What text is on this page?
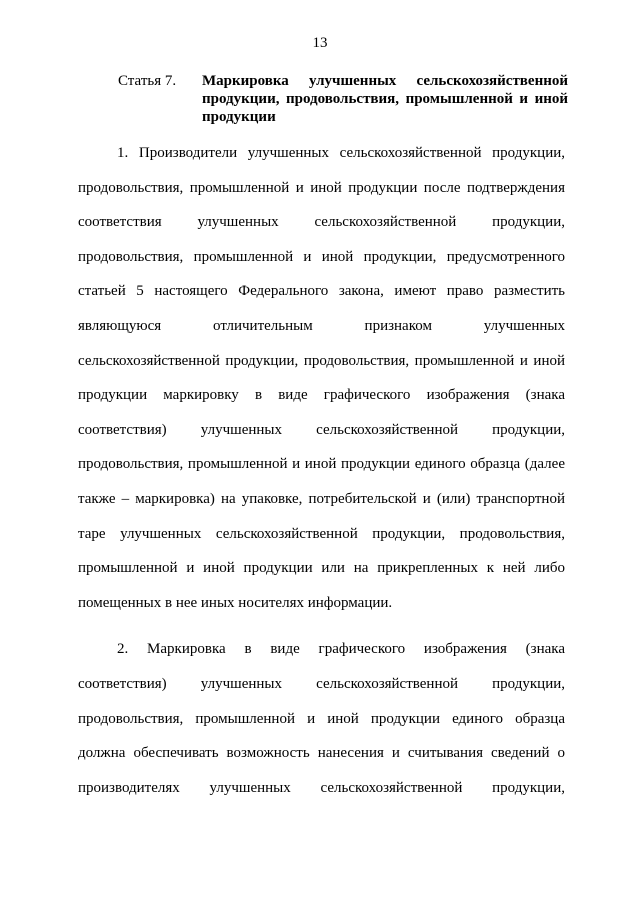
13
Статья 7.	Маркировка улучшенных сельскохозяйственной продукции, продовольствия, промышленной и иной продукции

1. Производители улучшенных сельскохозяйственной продукции,
продовольствия, промышленной и иной продукции после подтверждения
соответствия улучшенных сельскохозяйственной продукции,
продовольствия, промышленной и иной продукции, предусмотренного
статьей 5 настоящего Федерального закона, имеют право разместить
являющуюся отличительным признаком улучшенных
сельскохозяйственной продукции, продовольствия, промышленной и иной
продукции маркировку в виде графического изображения (знака
соответствия) улучшенных сельскохозяйственной продукции,
продовольствия, промышленной и иной продукции единого образца (далее
также – маркировка) на упаковке, потребительской и (или) транспортной
таре улучшенных сельскохозяйственной продукции, продовольствия,
промышленной и иной продукции или на прикрепленных к ней либо
помещенных в нее иных носителях информации.

2. Маркировка в виде графического изображения (знака
соответствия) улучшенных сельскохозяйственной продукции,
продовольствия, промышленной и иной продукции единого образца
должна обеспечивать возможность нанесения и считывания сведений о
производителях улучшенных сельскохозяйственной продукции,
